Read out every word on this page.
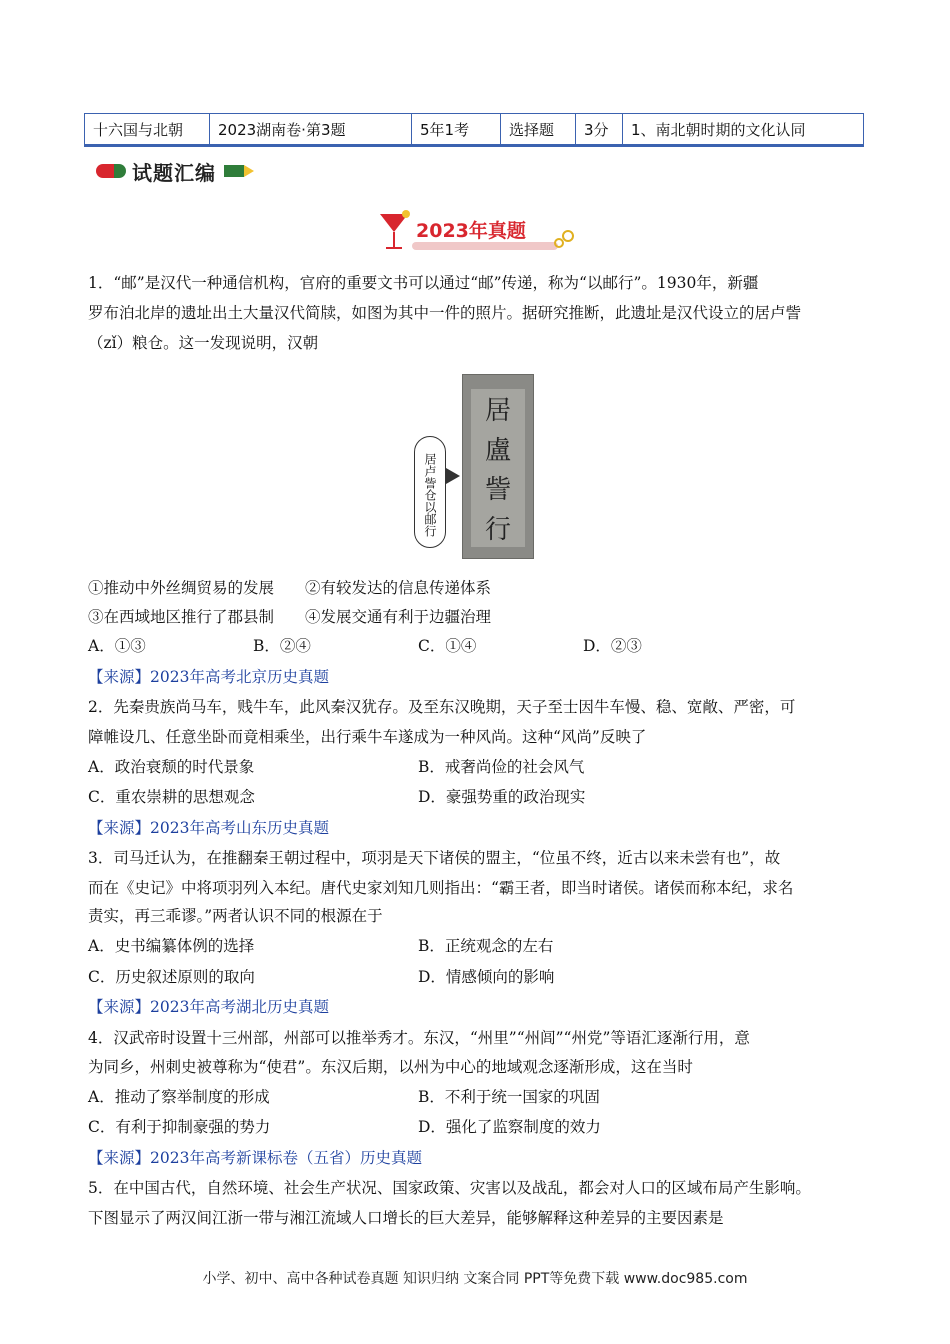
十六国与北朝	2023湖南卷·第3题	5年1考	选择题	3分	1、南北朝时期的文化认同
试题汇编
2023年真题
1．“邮”是汉代一种通信机构，官府的重要文书可以通过“邮”传递，称为“以邮行”。1930年，新疆
罗布泊北岸的遗址出土大量汉代简牍，如图为其中一件的照片。据研究推断，此遗址是汉代设立的居卢訾
（zǐ）粮仓。这一发现说明，汉朝
居卢訾仓以邮行
居
盧
訾
行
①推动中外丝绸贸易的发展　　②有较发达的信息传递体系
③在西域地区推行了郡县制　　④发展交通有利于边疆治理
A．①③	B．②④	C．①④	D．②③
【来源】2023年高考北京历史真题
2．先秦贵族尚马车，贱牛车，此风秦汉犹存。及至东汉晚期，天子至士因牛车慢、稳、宽敞、严密，可
障帷设几、任意坐卧而竟相乘坐，出行乘牛车遂成为一种风尚。这种“风尚”反映了
A．政治衰颓的时代景象	B．戒奢尚俭的社会风气
C．重农崇耕的思想观念	D．豪强势重的政治现实
【来源】2023年高考山东历史真题
3．司马迁认为，在推翻秦王朝过程中，项羽是天下诸侯的盟主，“位虽不终，近古以来未尝有也”，故
而在《史记》中将项羽列入本纪。唐代史家刘知几则指出：“霸王者，即当时诸侯。诸侯而称本纪，求名
责实，再三乖谬。”两者认识不同的根源在于
A．史书编纂体例的选择	B．正统观念的左右
C．历史叙述原则的取向	D．情感倾向的影响
【来源】2023年高考湖北历史真题
4．汉武帝时设置十三州部，州部可以推举秀才。东汉，“州里”“州闾”“州党”等语汇逐渐行用，意
为同乡，州刺史被尊称为“使君”。东汉后期，以州为中心的地域观念逐渐形成，这在当时
A．推动了察举制度的形成	B．不利于统一国家的巩固
C．有利于抑制豪强的势力	D．强化了监察制度的效力
【来源】2023年高考新课标卷（五省）历史真题
5．在中国古代，自然环境、社会生产状况、国家政策、灾害以及战乱，都会对人口的区域布局产生影响。
下图显示了两汉间江浙一带与湘江流域人口增长的巨大差异，能够解释这种差异的主要因素是
小学、初中、高中各种试卷真题 知识归纳 文案合同 PPT等免费下载 www.doc985.com
